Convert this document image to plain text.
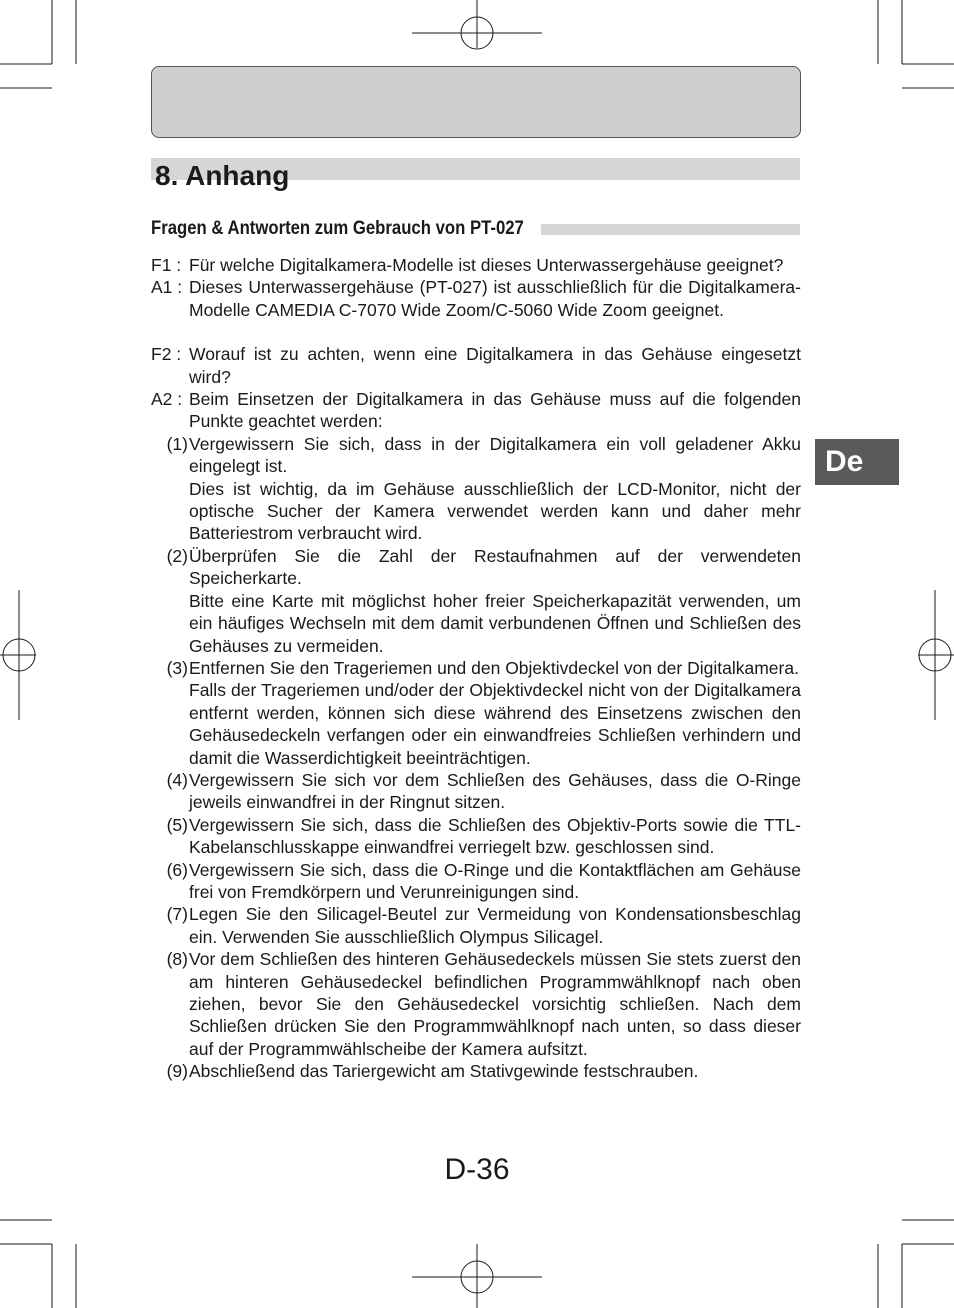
8. Anhang
Fragen & Antworten zum Gebrauch von PT-027
De
F1 : Für welche Digitalkamera-Modelle ist dieses Unterwassergehäuse geeignet?
A1 : Dieses Unterwassergehäuse (PT-027) ist ausschließlich für die Digitalkamera-Modelle CAMEDIA C-7070 Wide Zoom/C-5060 Wide Zoom geeignet.
F2 : Worauf ist zu achten, wenn eine Digitalkamera in das Gehäuse eingesetzt wird?
A2 : Beim Einsetzen der Digitalkamera in das Gehäuse muss auf die folgenden Punkte geachtet werden:
(1) Vergewissern Sie sich, dass in der Digitalkamera ein voll geladener Akku eingelegt ist.

Dies ist wichtig, da im Gehäuse ausschließlich der LCD-Monitor, nicht der optische Sucher der Kamera verwendet werden kann und daher mehr Batteriestrom verbraucht wird.

(2) Überprüfen Sie die Zahl der Restaufnahmen auf der verwendeten Speicherkarte.

Bitte eine Karte mit möglichst hoher freier Speicherkapazität verwenden, um ein häufiges Wechseln mit dem damit verbundenen Öffnen und Schließen des Gehäuses zu vermeiden.

(3) Entfernen Sie den Trageriemen und den Objektivdeckel von der Digitalkamera.

Falls der Trageriemen und/oder der Objektivdeckel nicht von der Digitalkamera entfernt werden, können sich diese während des Einsetzens zwischen den Gehäusedeckeln verfangen oder ein einwandfreies Schließen verhindern und damit die Wasserdichtigkeit beeinträchtigen.

(4) Vergewissern Sie sich vor dem Schließen des Gehäuses, dass die O-Ringe jeweils einwandfrei in der Ringnut sitzen.

(5) Vergewissern Sie sich, dass die Schließen des Objektiv-Ports sowie die TTL-Kabelanschlusskappe einwandfrei verriegelt bzw. geschlossen sind.

(6) Vergewissern Sie sich, dass die O-Ringe und die Kontaktflächen am Gehäuse frei von Fremdkörpern und Verunreinigungen sind.

(7) Legen Sie den Silicagel-Beutel zur Vermeidung von Kondensationsbeschlag ein. Verwenden Sie ausschließlich Olympus Silicagel.

(8) Vor dem Schließen des hinteren Gehäusedeckels müssen Sie stets zuerst den am hinteren Gehäusedeckel befindlichen Programmwählknopf nach oben ziehen, bevor Sie den Gehäusedeckel vorsichtig schließen. Nach dem Schließen drücken Sie den Programmwählknopf nach unten, so dass dieser auf der Programmwählscheibe der Kamera aufsitzt.

(9) Abschließend das Tariergewicht am Stativgewinde festschrauben.

D-36
